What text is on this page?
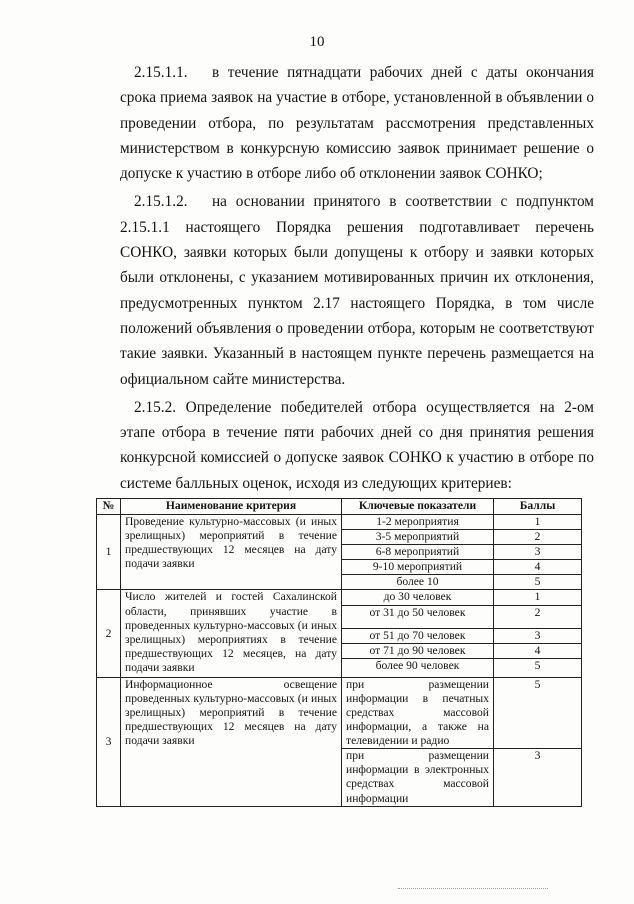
10

2.15.1.1. в течение пятнадцати рабочих дней с даты окончания срока приема заявок на участие в отборе, установленной в объявлении о проведении отбора, по результатам рассмотрения представленных министерством в конкурсную комиссию заявок принимает решение о допуске к участию в отборе либо об отклонении заявок СОНКО;

2.15.1.2. на основании принятого в соответствии с подпунктом 2.15.1.1 настоящего Порядка решения подготавливает перечень СОНКО, заявки которых были допущены к отбору и заявки которых были отклонены, с указанием мотивированных причин их отклонения, предусмотренных пунктом 2.17 настоящего Порядка, в том числе положений объявления о проведении отбора, которым не соответствуют такие заявки. Указанный в настоящем пункте перечень размещается на официальном сайте министерства.

2.15.2. Определение победителей отбора осуществляется на 2-ом этапе отбора в течение пяти рабочих дней со дня принятия решения конкурсной комиссией о допуске заявок СОНКО к участию в отборе по системе балльных оценок, исходя из следующих критериев:

№	Наименование критерия	Ключевые показатели	Баллы
1	Проведение культурно-массовых (и иных зрелищных) мероприятий в течение предшествующих 12 месяцев на дату подачи заявки	1-2 мероприятия	1
		3-5 мероприятий	2
		6-8 мероприятий	3
		9-10 мероприятий	4
		более 10	5
2	Число жителей и гостей Сахалинской области, принявших участие в проведенных культурно-массовых (и иных зрелищных) мероприятиях в течение предшествующих 12 месяцев, на дату подачи заявки	до 30 человек	1
		от 31 до 50 человек	2
		от 51 до 70 человек	3
		от 71 до 90 человек	4
		более 90 человек	5
3	Информационное освещение проведенных культурно-массовых (и иных зрелищных) мероприятий в течение предшествующих 12 месяцев на дату подачи заявки	при размещении информации в печатных средствах массовой информации, а также на телевидении и радио	5
		при размещении информации в электронных средствах массовой информации	3
